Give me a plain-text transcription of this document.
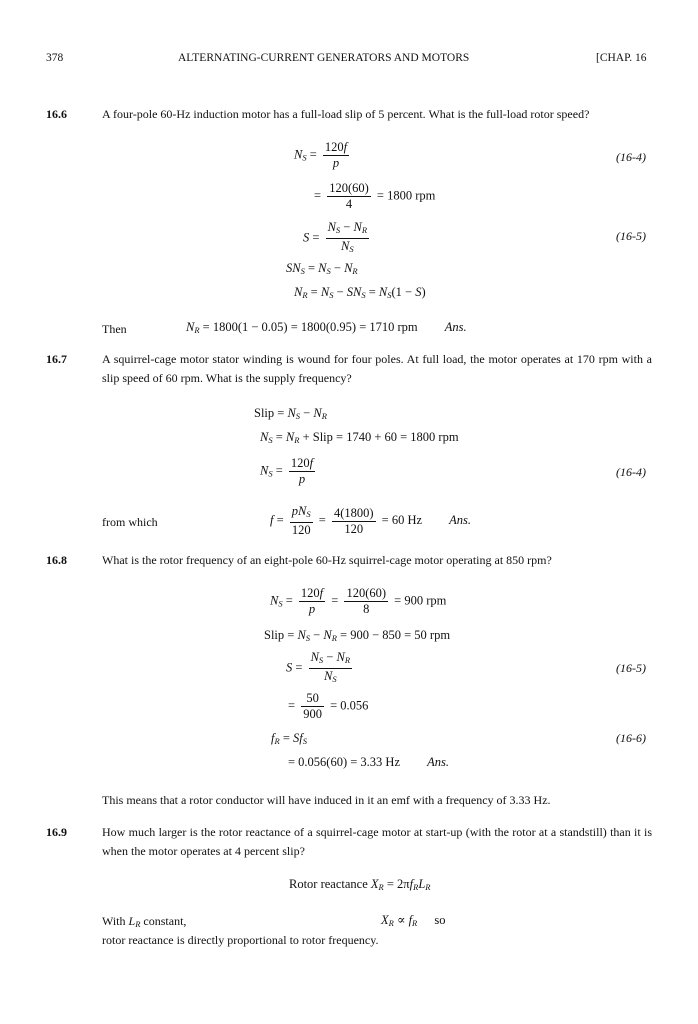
378	ALTERNATING-CURRENT GENERATORS AND MOTORS	[CHAP. 16
16.6	A four-pole 60-Hz induction motor has a full-load slip of 5 percent. What is the full-load rotor speed?
$N_S = \frac{120f}{p}$	(16-4)
= $\frac{120(60)}{4} = 1800$ rpm
$S = \frac{N_S - N_R}{N_S}$	(16-5)
$SN_S = N_S - N_R$
$N_R = N_S - SN_S = N_S(1 - S)$
Then	$N_R = 1800(1 - 0.05) = 1800(0.95) = 1710$ rpm Ans.
16.7	A squirrel-cage motor stator winding is wound for four poles. At full load, the motor operates at 170 rpm with a slip speed of 60 rpm. What is the supply frequency?
Slip = $N_S - N_R$
$N_S = N_R$ + Slip = 1740 + 60 = 1800 rpm
$N_S = \frac{120f}{p}$	(16-4)
from which	$f = \frac{pN_S}{120} = \frac{4(1800)}{120} = 60$ Hz Ans.
16.8	What is the rotor frequency of an eight-pole 60-Hz squirrel-cage motor operating at 850 rpm?
$N_S = \frac{120f}{p} = \frac{120(60)}{8} = 900$ rpm
Slip = $N_S - N_R = 900 - 850 = 50$ rpm
$S = \frac{N_S - N_R}{N_S}$	(16-5)
= $\frac{50}{900} = 0.056$
$f_R = Sf_S$	(16-6)
= 0.056(60) = 3.33 Hz Ans.
This means that a rotor conductor will have induced in it an emf with a frequency of 3.33 Hz.
16.9	How much larger is the rotor reactance of a squirrel-cage motor at start-up (with the rotor at a standstill) than it is when the motor operates at 4 percent slip?
Rotor reactance $X_R = 2\pi f_RL_R$
With $L_R$ constant,	$X_R \propto f_R$ so
rotor reactance is directly proportional to rotor frequency.
